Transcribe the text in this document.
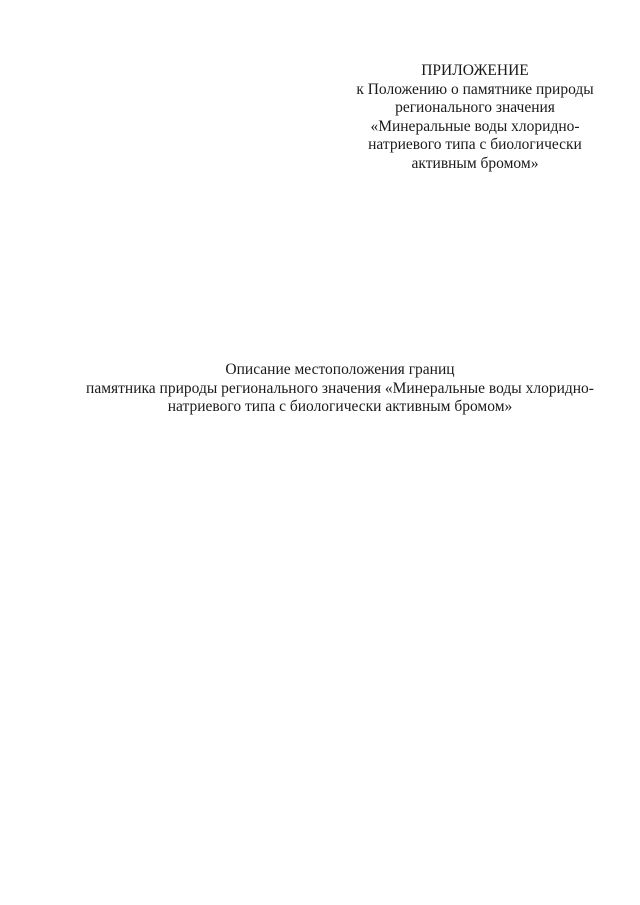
ПРИЛОЖЕНИЕ
к Положению о памятнике природы
регионального значения
«Минеральные воды хлоридно-
натриевого типа с биологически
активным бромом»
Описание местоположения границ
памятника природы регионального значения «Минеральные воды хлоридно-
натриевого типа с биологически активным бромом»
